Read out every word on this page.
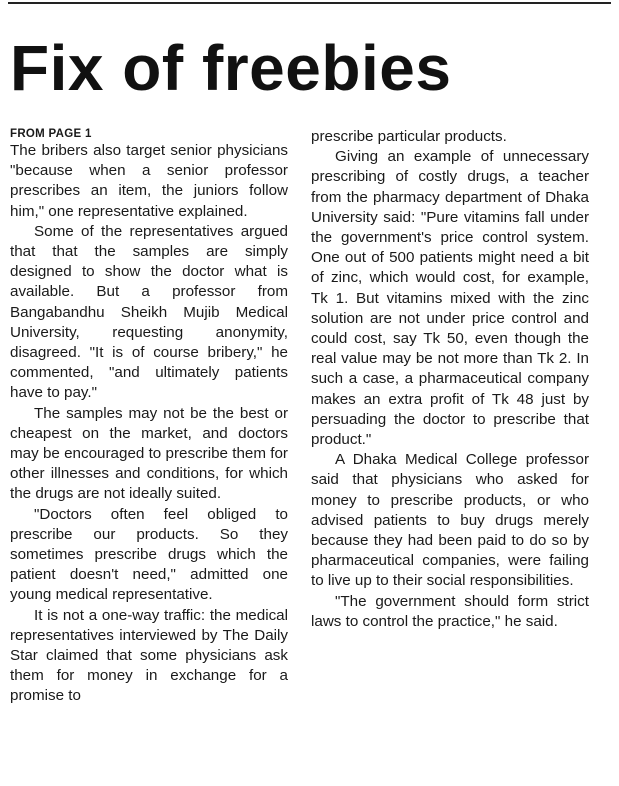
Fix of freebies
FROM PAGE 1

The bribers also target senior physicians "because when a senior professor prescribes an item, the juniors follow him," one representative explained.

Some of the representatives argued that that the samples are simply designed to show the doctor what is available. But a professor from Bangabandhu Sheikh Mujib Medical University, requesting anonymity, disagreed. "It is of course bribery," he commented, "and ultimately patients have to pay."

The samples may not be the best or cheapest on the market, and doctors may be encouraged to prescribe them for other illnesses and conditions, for which the drugs are not ideally suited.

"Doctors often feel obliged to prescribe our products. So they sometimes prescribe drugs which the patient doesn't need," admitted one young medical representative.

It is not a one-way traffic: the medical representatives interviewed by The Daily Star claimed that some physicians ask them for money in exchange for a promise to

prescribe particular products.

Giving an example of unnecessary prescribing of costly drugs, a teacher from the pharmacy department of Dhaka University said: "Pure vitamins fall under the government's price control system. One out of 500 patients might need a bit of zinc, which would cost, for example, Tk 1. But vitamins mixed with the zinc solution are not under price control and could cost, say Tk 50, even though the real value may be not more than Tk 2. In such a case, a pharmaceutical company makes an extra profit of Tk 48 just by persuading the doctor to prescribe that product."

A Dhaka Medical College professor said that physicians who asked for money to prescribe products, or who advised patients to buy drugs merely because they had been paid to do so by pharmaceutical companies, were failing to live up to their social responsibilities.

"The government should form strict laws to control the practice," he said.
